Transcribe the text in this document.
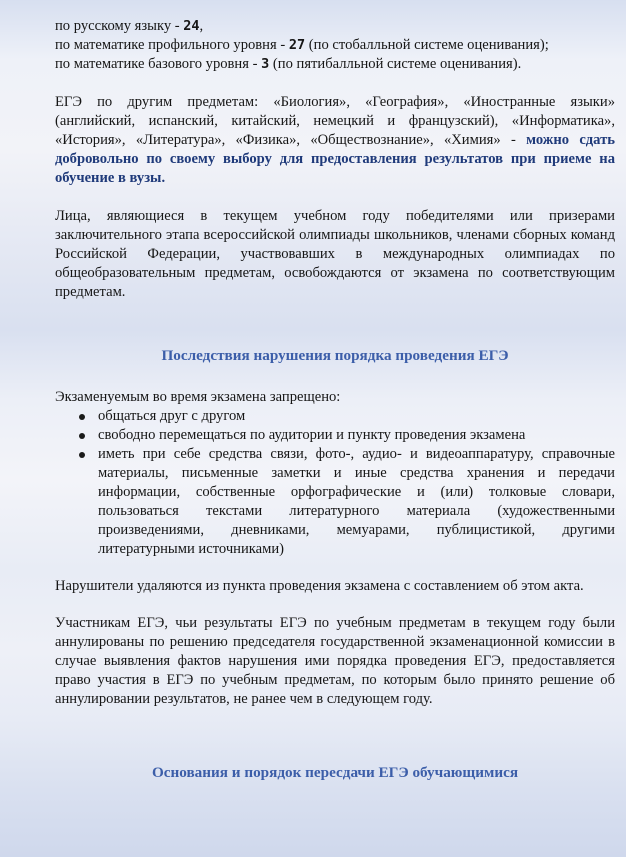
по русскому языку - 24,

по математике профильного уровня - 27 (по стобалльной системе оценивания);

по математике базового уровня - 3 (по пятибалльной системе оценивания).

ЕГЭ по другим предметам: «Биология», «География», «Иностранные языки» (английский, испанский, китайский, немецкий и французский), «Информатика», «История», «Литература», «Физика», «Обществознание», «Химия» - можно сдать добровольно по своему выбору для предоставления результатов при приеме на обучение в вузы.

Лица, являющиеся в текущем учебном году победителями или призерами заключительного этапа всероссийской олимпиады школьников, членами сборных команд Российской Федерации, участвовавших в международных олимпиадах по общеобразовательным предметам, освобождаются от экзамена по соответствующим предметам.

Последствия нарушения порядка проведения ЕГЭ

Экзаменуемым во время экзамена запрещено:

общаться друг с другом
свободно перемещаться по аудитории и пункту проведения экзамена
иметь при себе средства связи, фото-, аудио- и видеоаппаратуру, справочные материалы, письменные заметки и иные средства хранения и передачи информации, собственные орфографические и (или) толковые словари, пользоваться текстами литературного материала (художественными произведениями, дневниками, мемуарами, публицистикой, другими литературными источниками)

Нарушители удаляются из пункта проведения экзамена с составлением об этом акта.

Участникам ЕГЭ, чьи результаты ЕГЭ по учебным предметам в текущем году были аннулированы по решению председателя государственной экзаменационной комиссии в случае выявления фактов нарушения ими порядка проведения ЕГЭ, предоставляется право участия в ЕГЭ по учебным предметам, по которым было принято решение об аннулировании результатов, не ранее чем в следующем году.

Основания и порядок пересдачи ЕГЭ обучающимися
